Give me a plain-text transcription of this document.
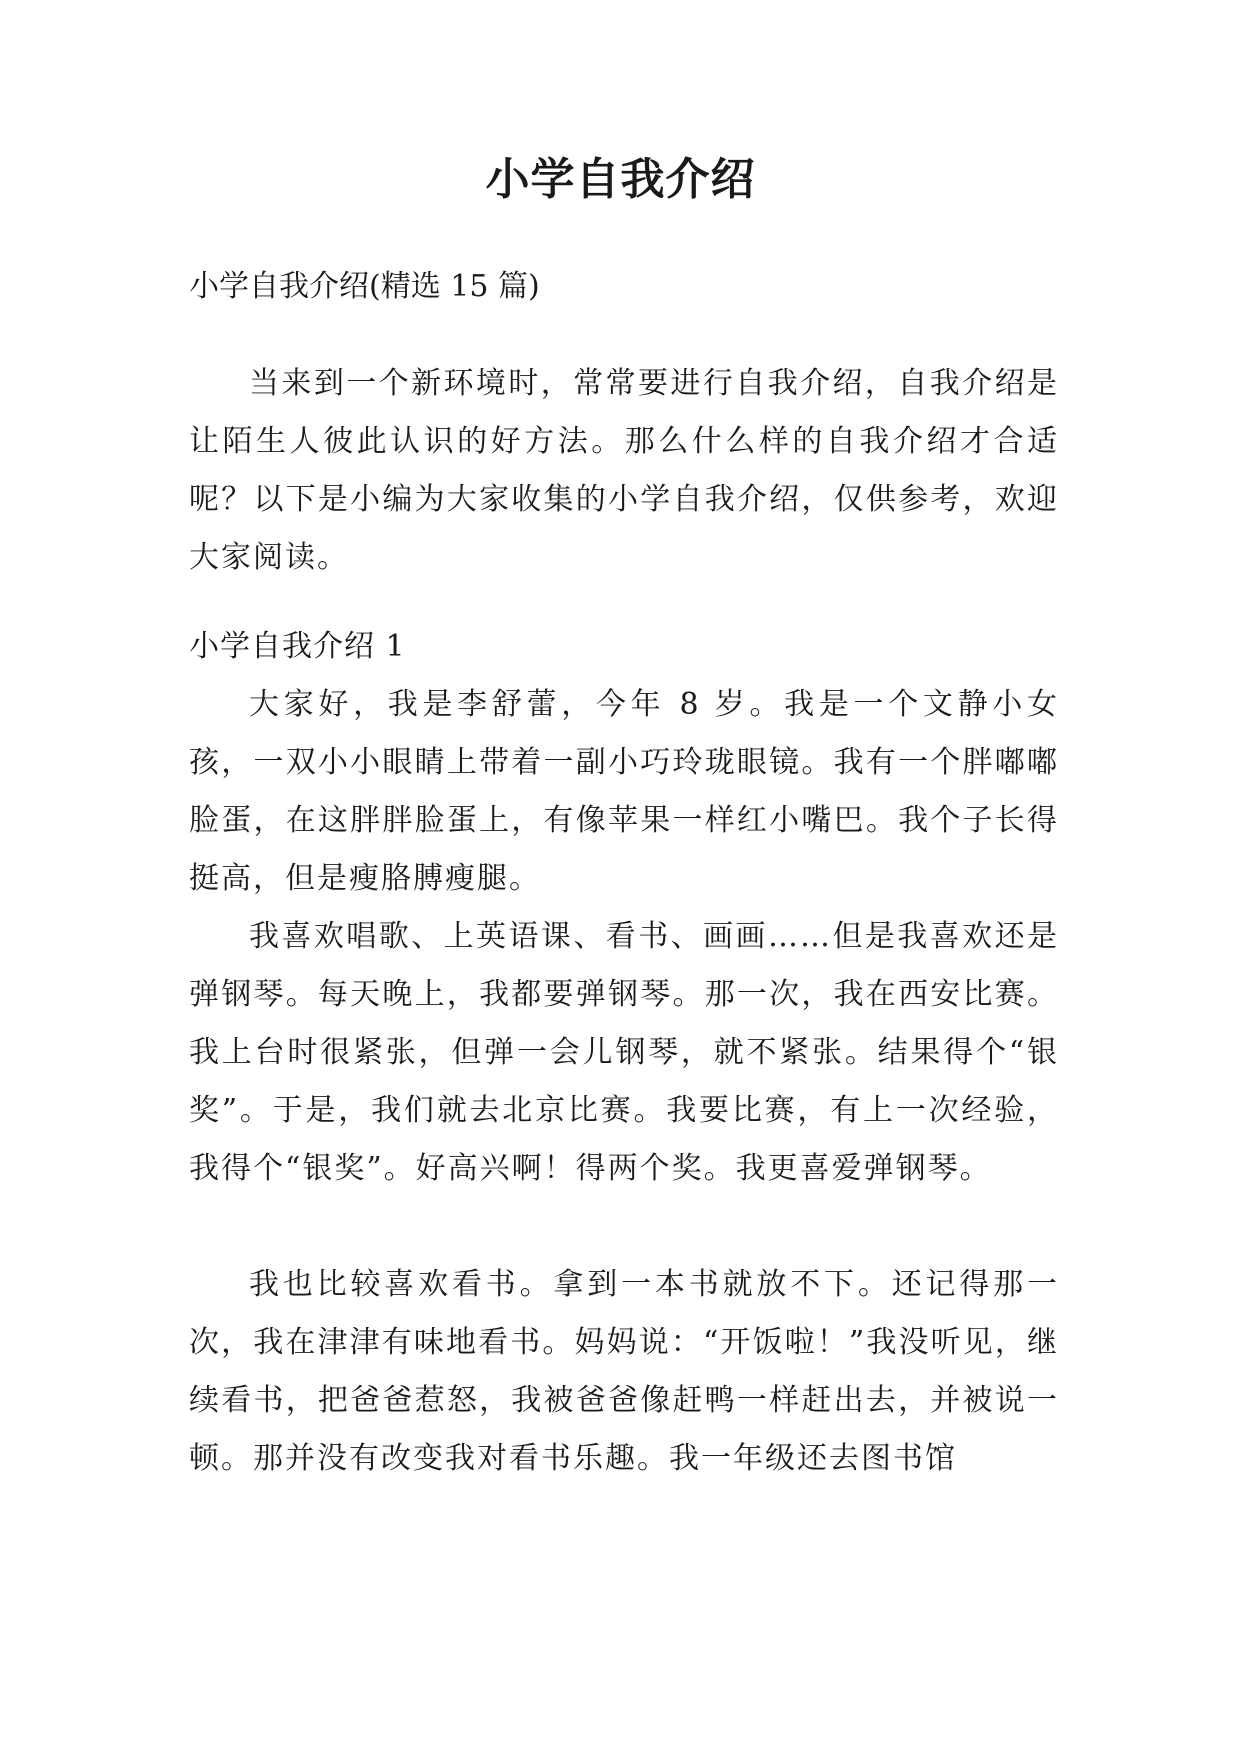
小学自我介绍

小学自我介绍(精选 15 篇)

当来到一个新环境时，常常要进行自我介绍，自我介绍是让陌生人彼此认识的好方法。那么什么样的自我介绍才合适呢？以下是小编为大家收集的小学自我介绍，仅供参考，欢迎大家阅读。

小学自我介绍 1

大家好，我是李舒蕾，今年 8 岁。我是一个文静小女孩，一双小小眼睛上带着一副小巧玲珑眼镜。我有一个胖嘟嘟脸蛋，在这胖胖脸蛋上，有像苹果一样红小嘴巴。我个子长得挺高，但是瘦胳膊瘦腿。

我喜欢唱歌、上英语课、看书、画画……但是我喜欢还是弹钢琴。每天晚上，我都要弹钢琴。那一次，我在西安比赛。我上台时很紧张，但弹一会儿钢琴，就不紧张。结果得个“银奖”。于是，我们就去北京比赛。我要比赛，有上一次经验，我得个“银奖”。好高兴啊！得两个奖。我更喜爱弹钢琴。

我也比较喜欢看书。拿到一本书就放不下。还记得那一次，我在津津有味地看书。妈妈说：“开饭啦！”我没听见，继续看书，把爸爸惹怒，我被爸爸像赶鸭一样赶出去，并被说一顿。那并没有改变我对看书乐趣。我一年级还去图书馆
